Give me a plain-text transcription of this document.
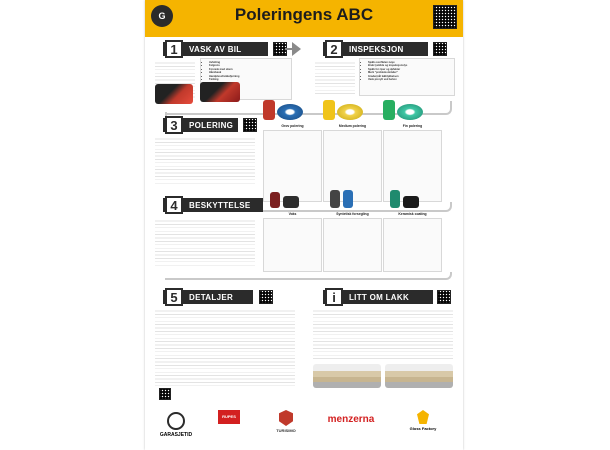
G	Poleringens ABC
VASK AV BIL
1	INSPEKSJON
2
• Avfetting
• Felgrens
• Forvask med skum
• Håndvask
• Handplussfrekkefjerning
• Tørking
• Sjekk overflaten nøye
• Bruk lyskilde og inspeksjonslys
• Sjekk for riper og defekter
• Merk "problemområder"
• Gradermål lakktykkelsen
• Vask på nytt ved behov
POLERING
3	Grov polering	Medium polering	Fin polering
BESKYTTELSE
4
Voks	Syntetisk forsegling	Keramisk coating
DETALJER
5	LITT OM LAKK
i
GARASJETID
RUPES
TURISIMO
menzerna
Gloss Factory
